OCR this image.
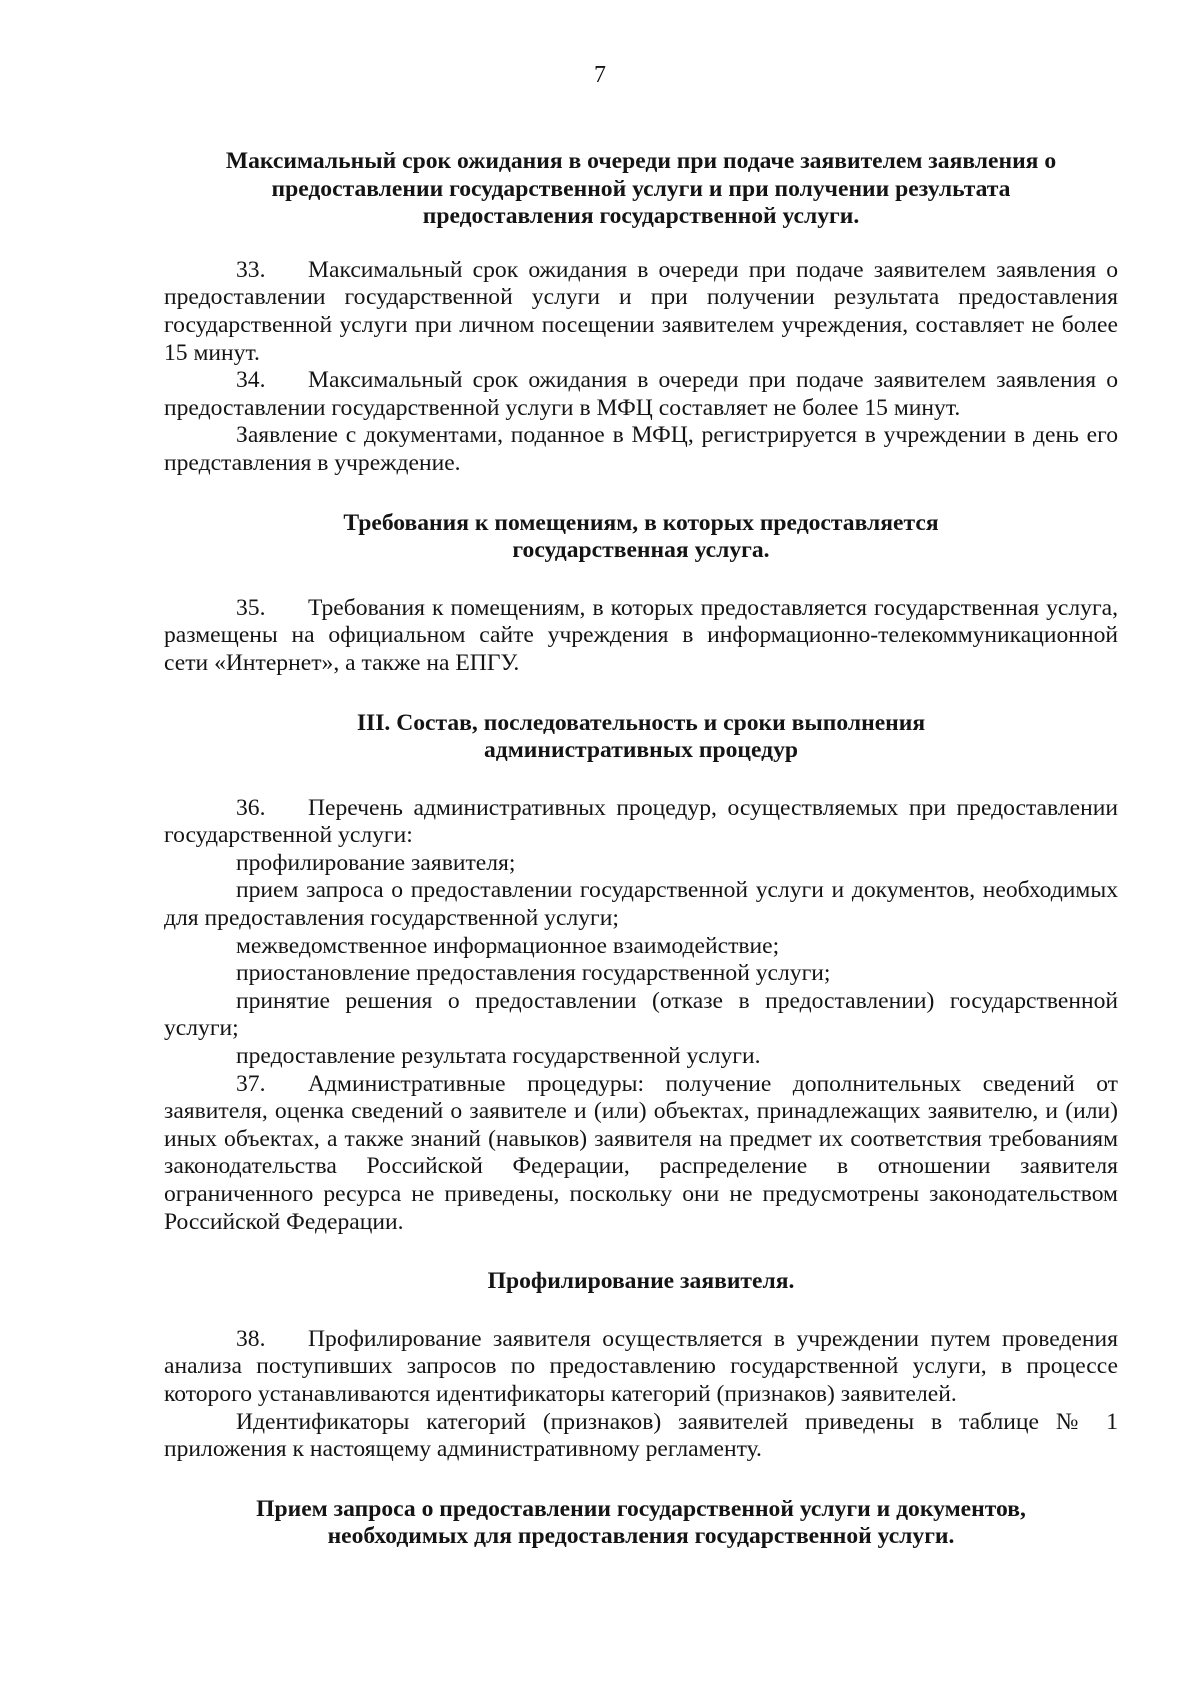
7
Максимальный срок ожидания в очереди при подаче заявителем заявления о
предоставлении государственной услуги и при получении результата
предоставления государственной услуги.

33. Максимальный срок ожидания в очереди при подаче заявителем заявления о предоставлении государственной услуги и при получении результата предоставления государственной услуги при личном посещении заявителем учреждения, составляет не более 15 минут.

34. Максимальный срок ожидания в очереди при подаче заявителем заявления о предоставлении государственной услуги в МФЦ составляет не более 15 минут.

Заявление с документами, поданное в МФЦ, регистрируется в учреждении в день его представления в учреждение.

Требования к помещениям, в которых предоставляется
государственная услуга.

35. Требования к помещениям, в которых предоставляется государственная услуга, размещены на официальном сайте учреждения в информационно-телекоммуникационной сети «Интернет», а также на ЕПГУ.

III. Состав, последовательность и сроки выполнения
административных процедур

36. Перечень административных процедур, осуществляемых при предоставлении государственной услуги:

профилирование заявителя;

прием запроса о предоставлении государственной услуги и документов, необходимых для предоставления государственной услуги;

межведомственное информационное взаимодействие;

приостановление предоставления государственной услуги;

принятие решения о предоставлении (отказе в предоставлении) государственной услуги;

предоставление результата государственной услуги.

37. Административные процедуры: получение дополнительных сведений от заявителя, оценка сведений о заявителе и (или) объектах, принадлежащих заявителю, и (или) иных объектах, а также знаний (навыков) заявителя на предмет их соответствия требованиям законодательства Российской Федерации, распределение в отношении заявителя ограниченного ресурса не приведены, поскольку они не предусмотрены законодательством Российской Федерации.

Профилирование заявителя.

38. Профилирование заявителя осуществляется в учреждении путем проведения анализа поступивших запросов по предоставлению государственной услуги, в процессе которого устанавливаются идентификаторы категорий (признаков) заявителей.

Идентификаторы категорий (признаков) заявителей приведены в таблице № 1 приложения к настоящему административному регламенту.

Прием запроса о предоставлении государственной услуги и документов,
необходимых для предоставления государственной услуги.
